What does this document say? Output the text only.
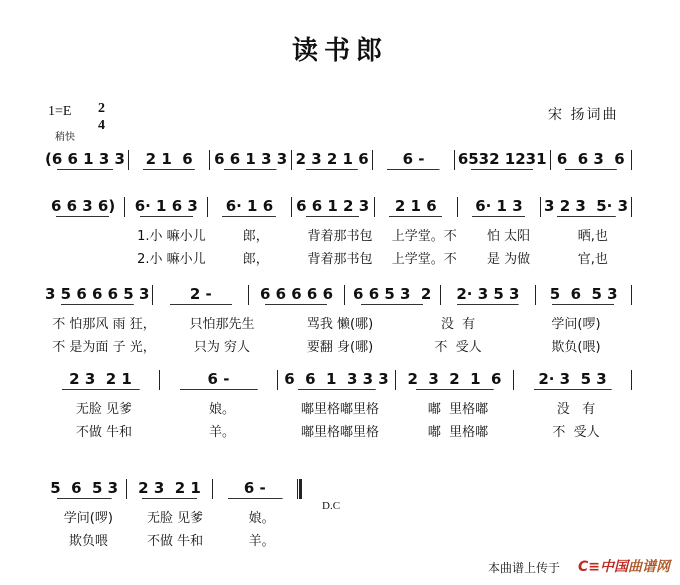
读书郎
1=E 2
4
稍快
宋 扬词曲
(6 6 1 3 3	2 1  6	6 6 1 3 3 2 3 2 1 6	6 -	6532 1231 6  6 3  6
6 6 3 6)	6· 1 6 3	6· 1 6	6 6 1 2 3	2 1 6	6· 1 3	3 2 3  5· 3
1.小 嘛小儿	郎，	背着那书包	上学堂。不	怕 太阳	晒,也
2.小 嘛小儿	郎，	背着那书包	上学堂。不	是 为做	官,也
3 5 6 6 6 5 3	2 -	6 6 6 6 6	6 6 5 3  2	2· 3 5 3	5  6  5 3
不 怕那风 雨 狂，	只怕那先生	骂我 懒(哪)	没  有	学问(啰)
不 是为面 子 光，	只为 穷人	要翻 身(哪)	不  受人	欺负(喂)
2 3  2 1	6 -	6  6  1  3 3 3	2  3  2  1  6	2· 3  5 3
无脸 见爹	娘。	嘟里格嘟里格	嘟  里格嘟	没   有
不做 牛和	羊。	嘟里格嘟里格	嘟  里格嘟	不  受人
5  6  5 3	2 3  2 1	6 -
学问(啰)	无脸 见爹	娘。
欺负喂	不做 牛和	羊。
D.C
本曲谱上传于 C≡中国曲谱网
